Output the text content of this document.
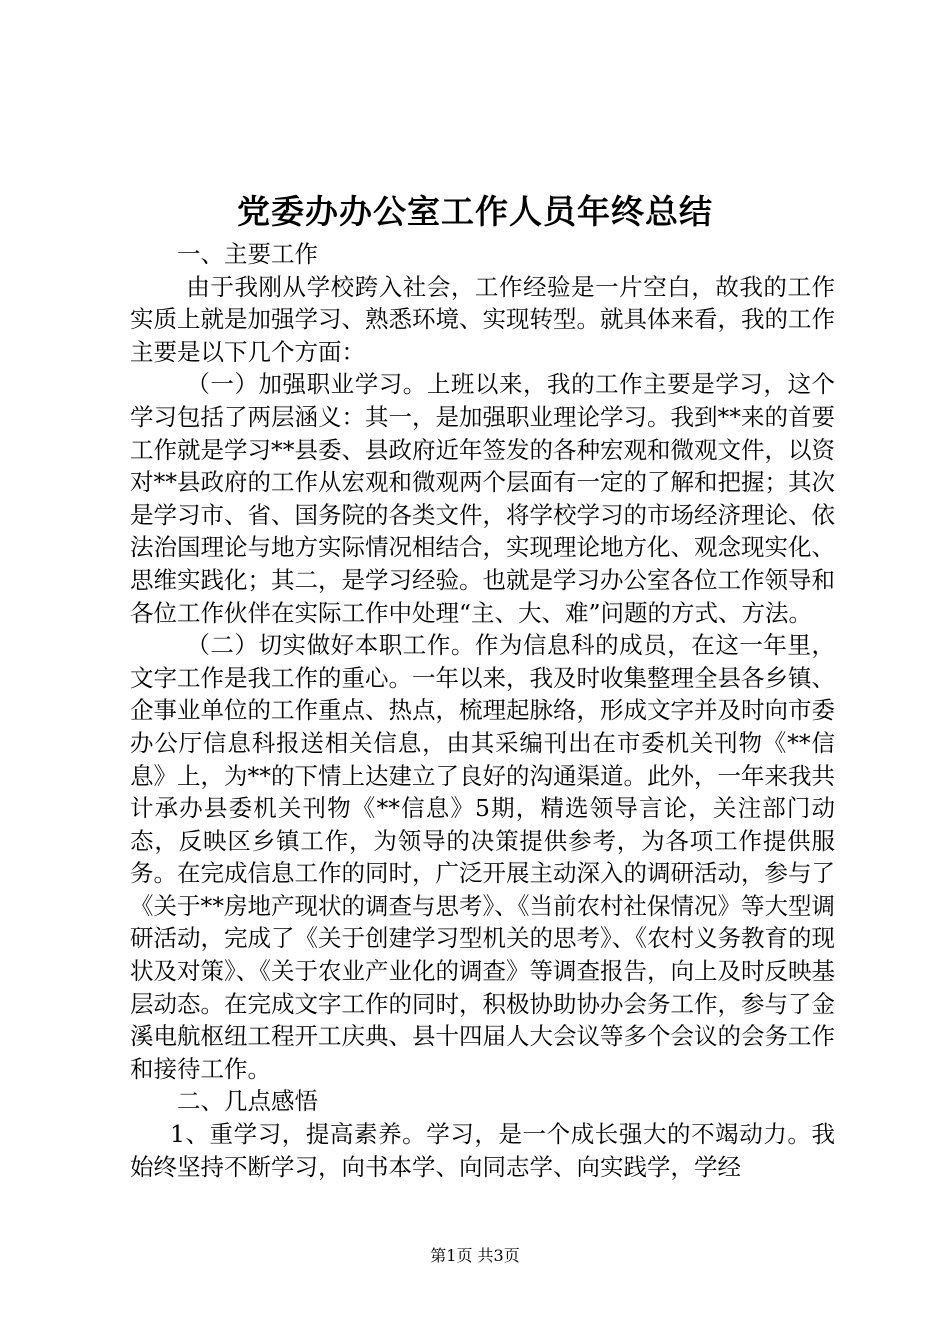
党委办办公室工作人员年终总结

一、主要工作

由于我刚从学校跨入社会，工作经验是一片空白，故我的工作实质上就是加强学习、熟悉环境、实现转型。就具体来看，我的工作主要是以下几个方面：

（一）加强职业学习。上班以来，我的工作主要是学习，这个学习包括了两层涵义：其一，是加强职业理论学习。我到**来的首要工作就是学习**县委、县政府近年签发的各种宏观和微观文件，以资对**县政府的工作从宏观和微观两个层面有一定的了解和把握；其次是学习市、省、国务院的各类文件，将学校学习的市场经济理论、依法治国理论与地方实际情况相结合，实现理论地方化、观念现实化、思维实践化；其二，是学习经验。也就是学习办公室各位工作领导和各位工作伙伴在实际工作中处理“主、大、难”问题的方式、方法。

（二）切实做好本职工作。作为信息科的成员，在这一年里，文字工作是我工作的重心。一年以来，我及时收集整理全县各乡镇、企事业单位的工作重点、热点，梳理起脉络，形成文字并及时向市委办公厅信息科报送相关信息，由其采编刊出在市委机关刊物《**信息》上，为**的下情上达建立了良好的沟通渠道。此外，一年来我共计承办县委机关刊物《**信息》5期，精选领导言论，关注部门动态，反映区乡镇工作，为领导的决策提供参考，为各项工作提供服务。在完成信息工作的同时，广泛开展主动深入的调研活动，参与了《关于**房地产现状的调查与思考》、《当前农村社保情况》等大型调研活动，完成了《关于创建学习型机关的思考》、《农村义务教育的现状及对策》、《关于农业产业化的调查》等调查报告，向上及时反映基层动态。在完成文字工作的同时，积极协助协办会务工作，参与了金溪电航枢纽工程开工庆典、县十四届人大会议等多个会议的会务工作和接待工作。

二、几点感悟

1、重学习，提高素养。学习，是一个成长强大的不竭动力。我始终坚持不断学习，向书本学、向同志学、向实践学，学经

第1页 共3页
